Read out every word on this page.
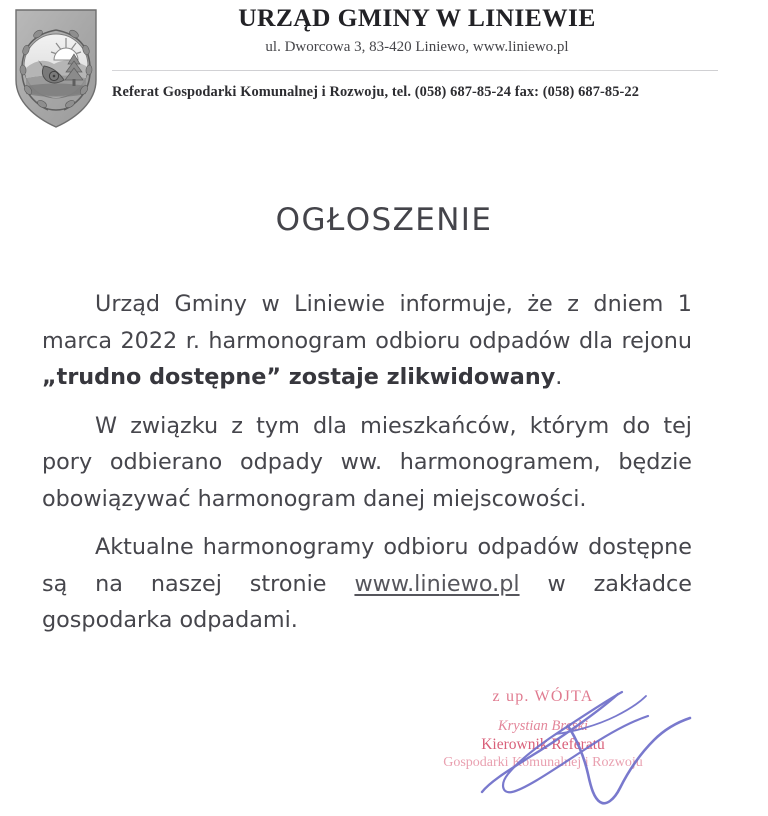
URZĄD GMINY W LINIEWIE
ul. Dworcowa 3, 83-420 Liniewo, www.liniewo.pl
Referat Gospodarki Komunalnej i Rozwoju, tel. (058) 687-85-24 fax: (058) 687-85-22
OGŁOSZENIE

Urząd Gminy w Liniewie informuje, że z dniem 1 marca 2022 r. harmonogram odbioru odpadów dla rejonu „trudno dostępne” zostaje zlikwidowany.

W związku z tym dla mieszkańców, którym do tej pory odbierano odpady ww. harmonogramem, będzie obowiązywać harmonogram danej miejscowości.

Aktualne harmonogramy odbioru odpadów dostępne są na naszej stronie www.liniewo.pl w zakładce gospodarka odpadami.

z up. WÓJTA
Krystian Breski
Kierownik Referatu
Gospodarki Komunalnej i Rozwoju
